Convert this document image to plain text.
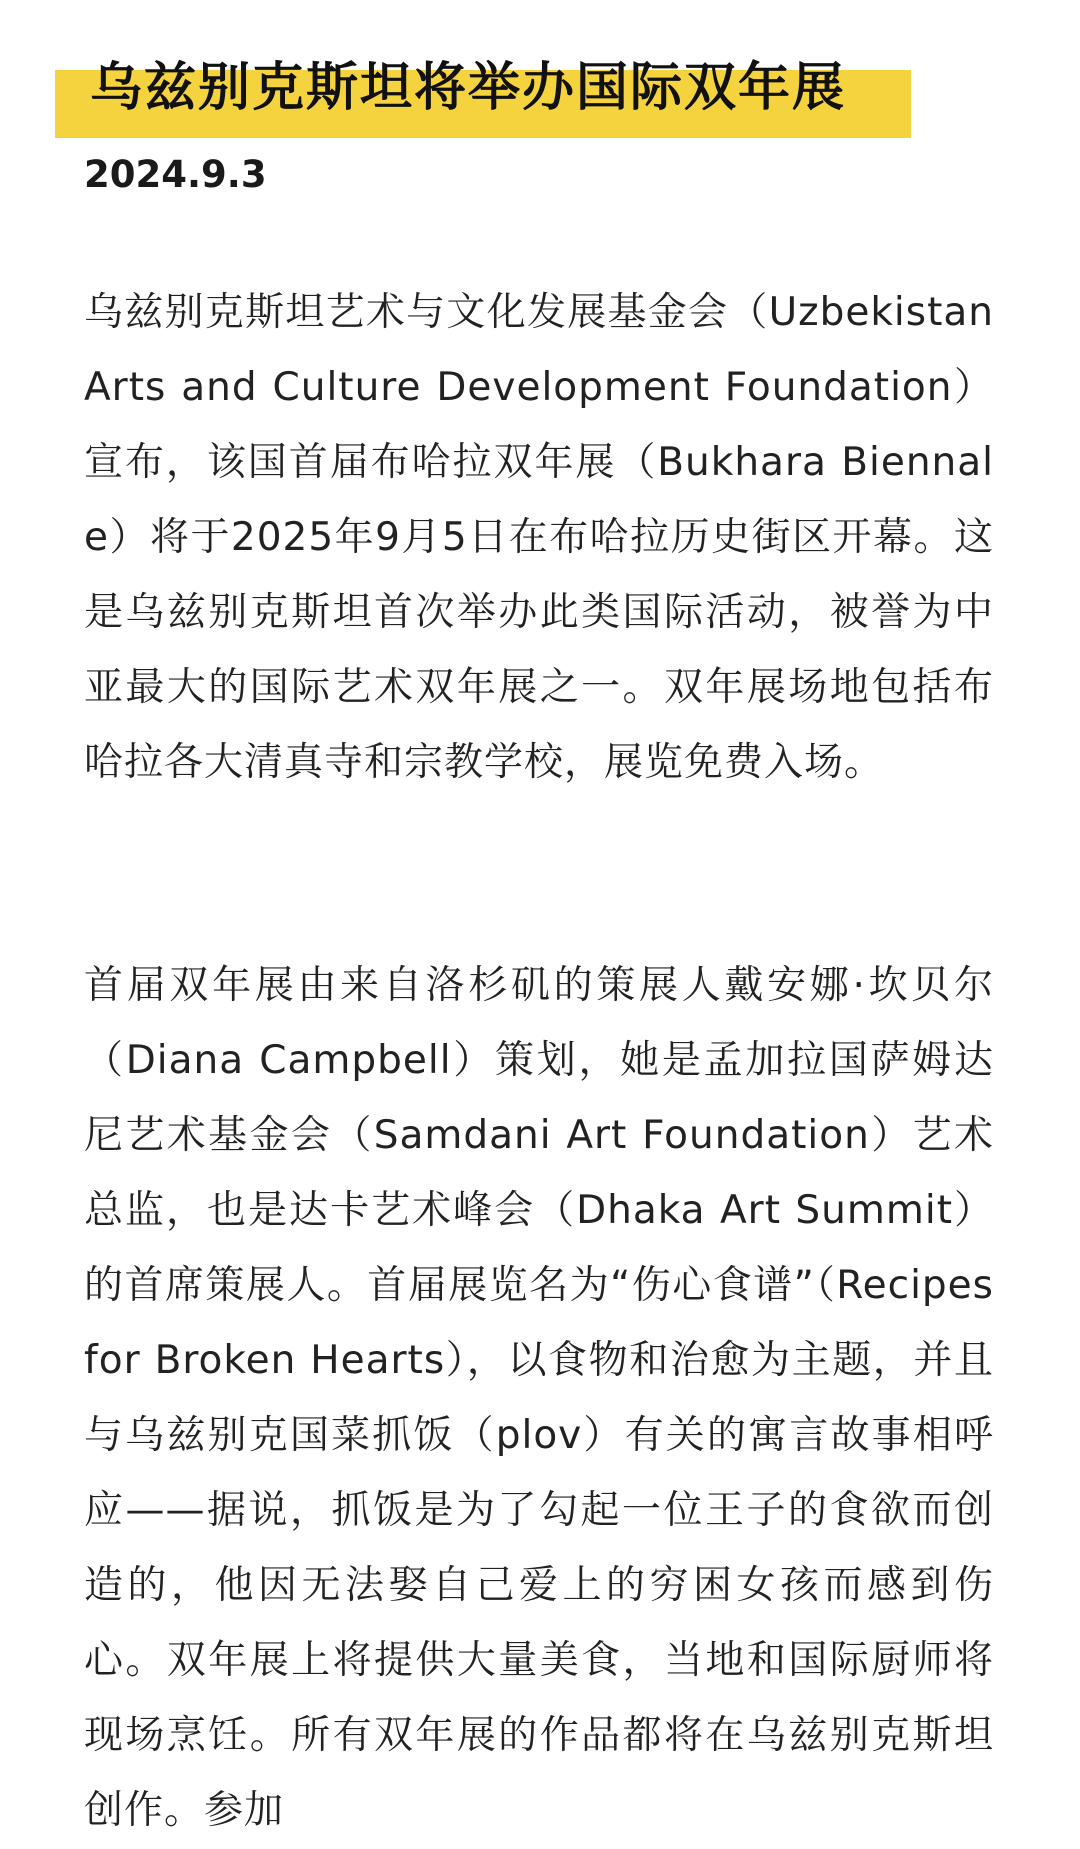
乌兹别克斯坦将举办国际双年展
2024.9.3

乌兹别克斯坦艺术与文化发展基金会（Uzbekistan Arts and Culture Development Foundation）宣布，该国首届布哈拉双年展（Bukhara Biennale）将于2025年9月5日在布哈拉历史街区开幕。这是乌兹别克斯坦首次举办此类国际活动，被誉为中亚最大的国际艺术双年展之一。双年展场地包括布哈拉各大清真寺和宗教学校，展览免费入场。

首届双年展由来自洛杉矶的策展人戴安娜·坎贝尔（Diana Campbell）策划，她是孟加拉国萨姆达尼艺术基金会（Samdani Art Foundation）艺术总监，也是达卡艺术峰会（Dhaka Art Summit）的首席策展人。首届展览名为“伤心食谱”（Recipes for Broken Hearts），以食物和治愈为主题，并且与乌兹别克国菜抓饭（plov）有关的寓言故事相呼应——据说，抓饭是为了勾起一位王子的食欲而创造的，他因无法娶自己爱上的穷困女孩而感到伤心。双年展上将提供大量美食，当地和国际厨师将现场烹饪。所有双年展的作品都将在乌兹别克斯坦创作。参加
